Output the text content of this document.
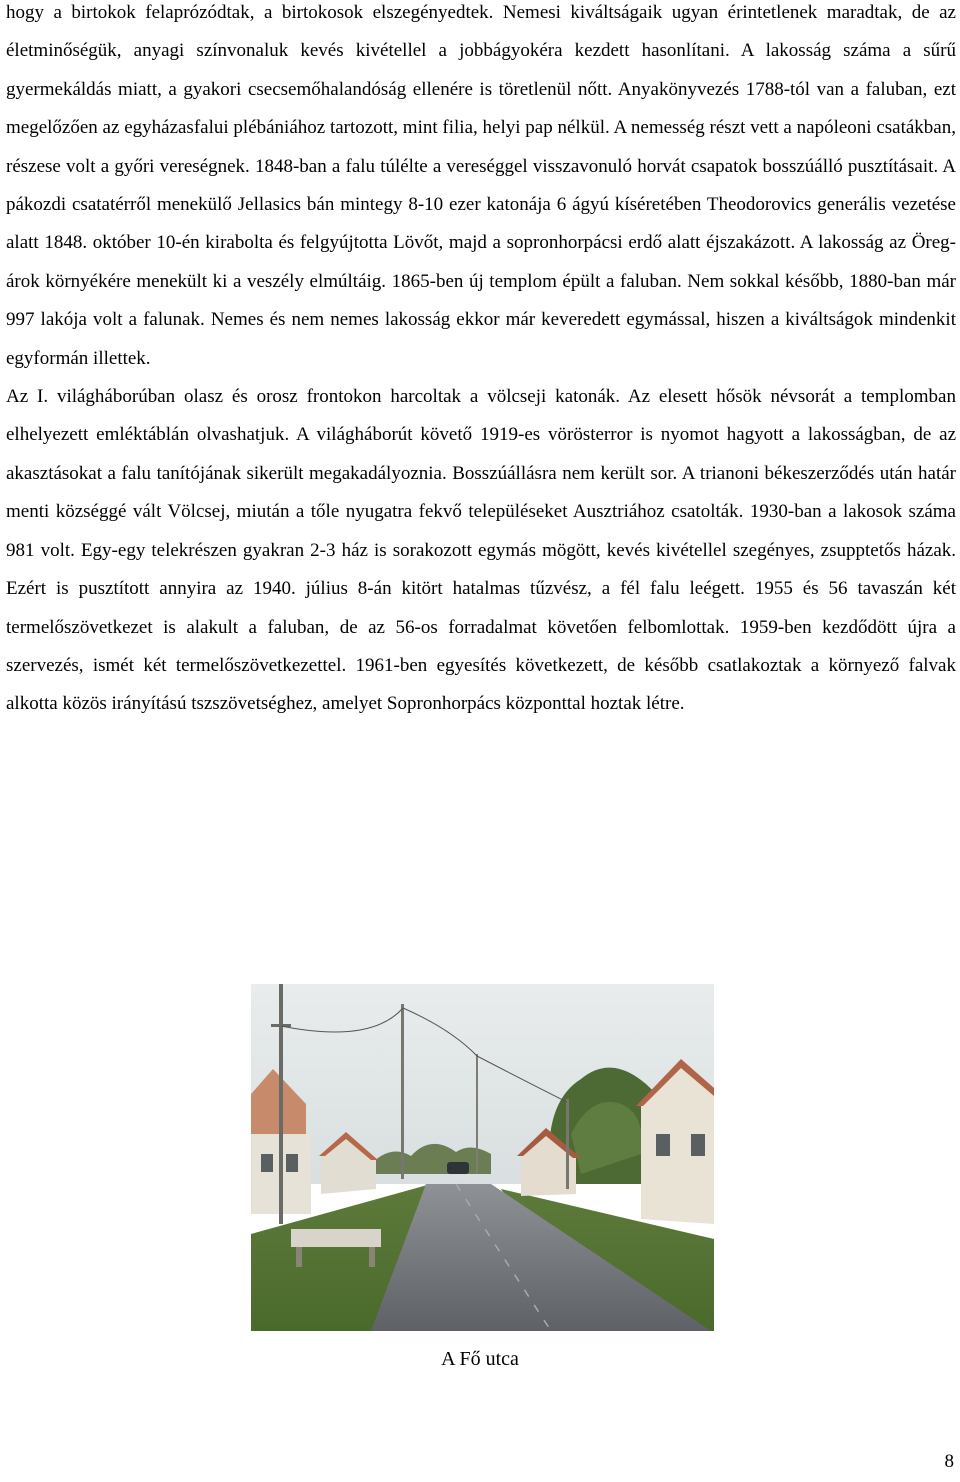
hogy a birtokok felaprózódtak, a birtokosok elszegényedtek. Nemesi kiváltságaik ugyan érintetlenek maradtak, de az életminőségük, anyagi színvonaluk kevés kivétellel a jobbágyokéra kezdett hasonlítani. A lakosság száma a sűrű gyermekáldás miatt, a gyakori csecsemőhalandóság ellenére is töretlenül nőtt. Anyakönyvezés 1788-tól van a faluban, ezt megelőzően az egyházasfalui plébániához tartozott, mint filia, helyi pap nélkül. A nemesség részt vett a napóleoni csatákban, részese volt a győri vereségnek. 1848-ban a falu túlélte a vereséggel visszavonuló horvát csapatok bosszúálló pusztításait. A pákozdi csatatérről menekülő Jellasics bán mintegy 8-10 ezer katonája 6 ágyú kíséretében Theodorovics generális vezetése alatt 1848. október 10-én kirabolta és felgyújtotta Lövőt, majd a sopronhorpácsi erdő alatt éjszakázott. A lakosság az Öreg-árok környékére menekült ki a veszély elmúltáig. 1865-ben új templom épült a faluban. Nem sokkal később, 1880-ban már 997 lakója volt a falunak. Nemes és nem nemes lakosság ekkor már keveredett egymással, hiszen a kiváltságok mindenkit egyformán illettek.

Az I. világháborúban olasz és orosz frontokon harcoltak a völcseji katonák. Az elesett hősök névsorát a templomban elhelyezett emléktáblán olvashatjuk. A világháborút követő 1919-es vörösterror is nyomot hagyott a lakosságban, de az akasztásokat a falu tanítójának sikerült megakadályoznia. Bosszúállásra nem került sor. A trianoni békeszerződés után határ menti községgé vált Völcsej, miután a tőle nyugatra fekvő településeket Ausztriához csatolták. 1930-ban a lakosok száma 981 volt. Egy-egy telekrészen gyakran 2-3 ház is sorakozott egymás mögött, kevés kivétellel szegényes, zsupptetős házak. Ezért is pusztított annyira az 1940. július 8-án kitört hatalmas tűzvész, a fél falu leégett. 1955 és 56 tavaszán két termelőszövetkezet is alakult a faluban, de az 56-os forradalmat követően felbomlottak. 1959-ben kezdődött újra a szervezés, ismét két termelőszövetkezettel. 1961-ben egyesítés következett, de később csatlakoztak a környező falvak alkotta közös irányítású tszszövetséghez, amelyet Sopronhorpács központtal hoztak létre.

A Fő utca
8
